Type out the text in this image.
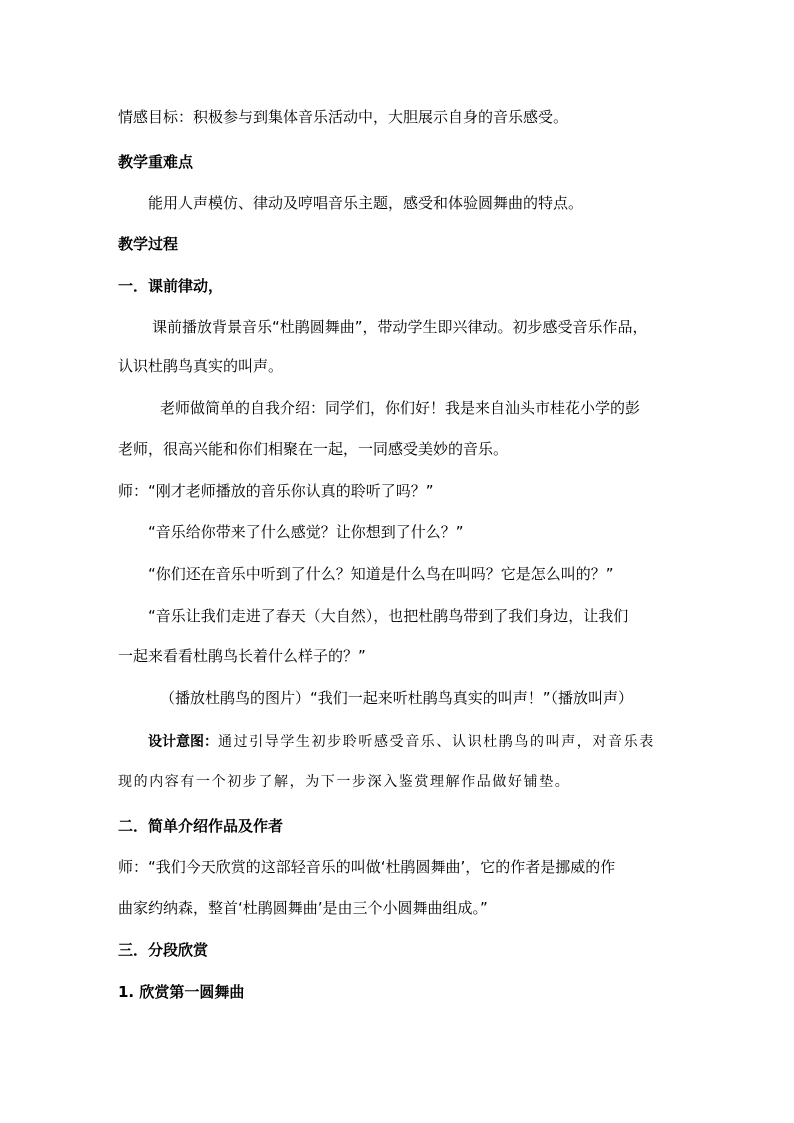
情感目标：积极参与到集体音乐活动中，大胆展示自身的音乐感受。
教学重难点
能用人声模仿、律动及哼唱音乐主题，感受和体验圆舞曲的特点。
教学过程
一．课前律动，
课前播放背景音乐“杜鹃圆舞曲”，带动学生即兴律动。初步感受音乐作品，
认识杜鹃鸟真实的叫声。
老师做简单的自我介绍：同学们，你们好！我是来自汕头市桂花小学的彭
老师，很高兴能和你们相聚在一起，一同感受美妙的音乐。
师：“刚才老师播放的音乐你认真的聆听了吗？”
“音乐给你带来了什么感觉？让你想到了什么？”
“你们还在音乐中听到了什么？知道是什么鸟在叫吗？它是怎么叫的？”
“音乐让我们走进了春天（大自然），也把杜鹃鸟带到了我们身边，让我们
一起来看看杜鹃鸟长着什么样子的？”
（播放杜鹃鸟的图片）“我们一起来听杜鹃鸟真实的叫声！”（播放叫声）
设计意图：通过引导学生初步聆听感受音乐、认识杜鹃鸟的叫声，对音乐表
现的内容有一个初步了解，为下一步深入鉴赏理解作品做好铺垫。
二．简单介绍作品及作者
师：“我们今天欣赏的这部轻音乐的叫做‘杜鹃圆舞曲’，它的作者是挪威的作
曲家约纳森，整首‘杜鹃圆舞曲’是由三个小圆舞曲组成。”
三．分段欣赏
1. 欣赏第一圆舞曲
